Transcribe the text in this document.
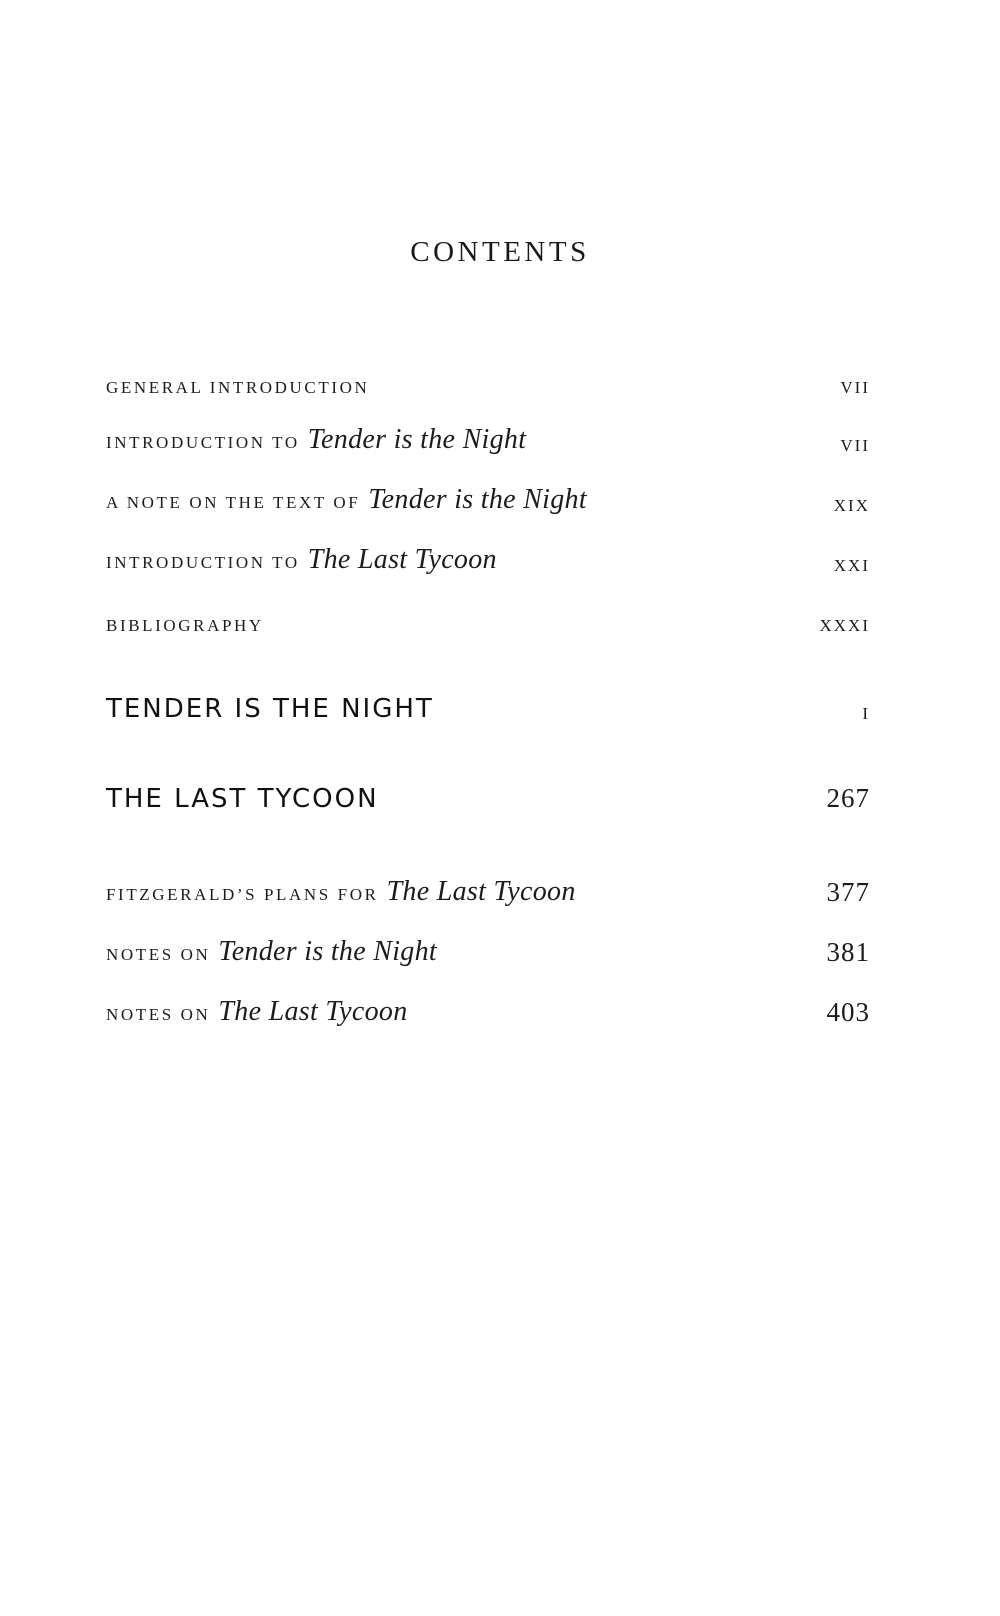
CONTENTS
GENERAL INTRODUCTION	VII
INTRODUCTION TO Tender is the Night	VII
A NOTE ON THE TEXT OF Tender is the Night	XIX
INTRODUCTION TO The Last Tycoon	XXI
BIBLIOGRAPHY	XXXI
TENDER IS THE NIGHT	I
THE LAST TYCOON	267
FITZGERALD’S PLANS FOR The Last Tycoon	377
NOTES ON Tender is the Night	381
NOTES ON The Last Tycoon	403
